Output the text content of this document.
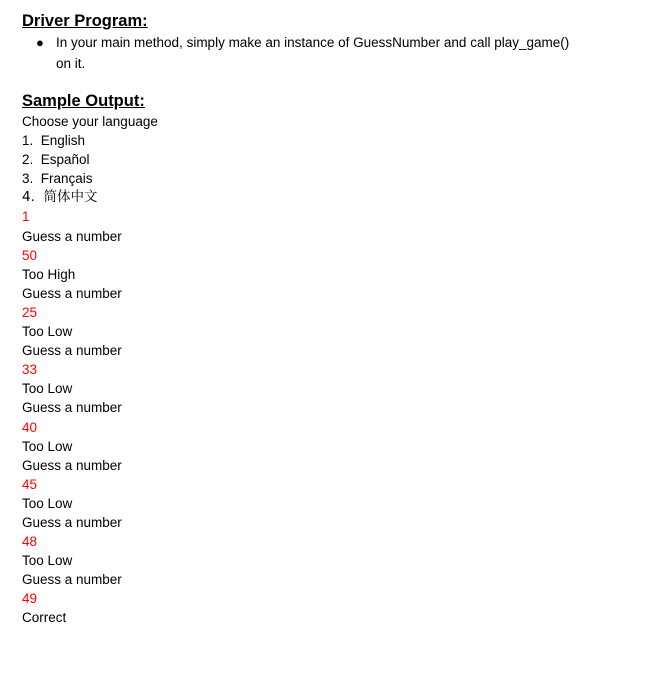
Driver Program:
● In your main method, simply make an instance of GuessNumber and call play_game()
on it.
Sample Output:
Choose your language
1.  English
2.  Español
3.  Français
4.  简体中文
1
Guess a number
50
Too High
Guess a number
25
Too Low
Guess a number
33
Too Low
Guess a number
40
Too Low
Guess a number
45
Too Low
Guess a number
48
Too Low
Guess a number
49
Correct
